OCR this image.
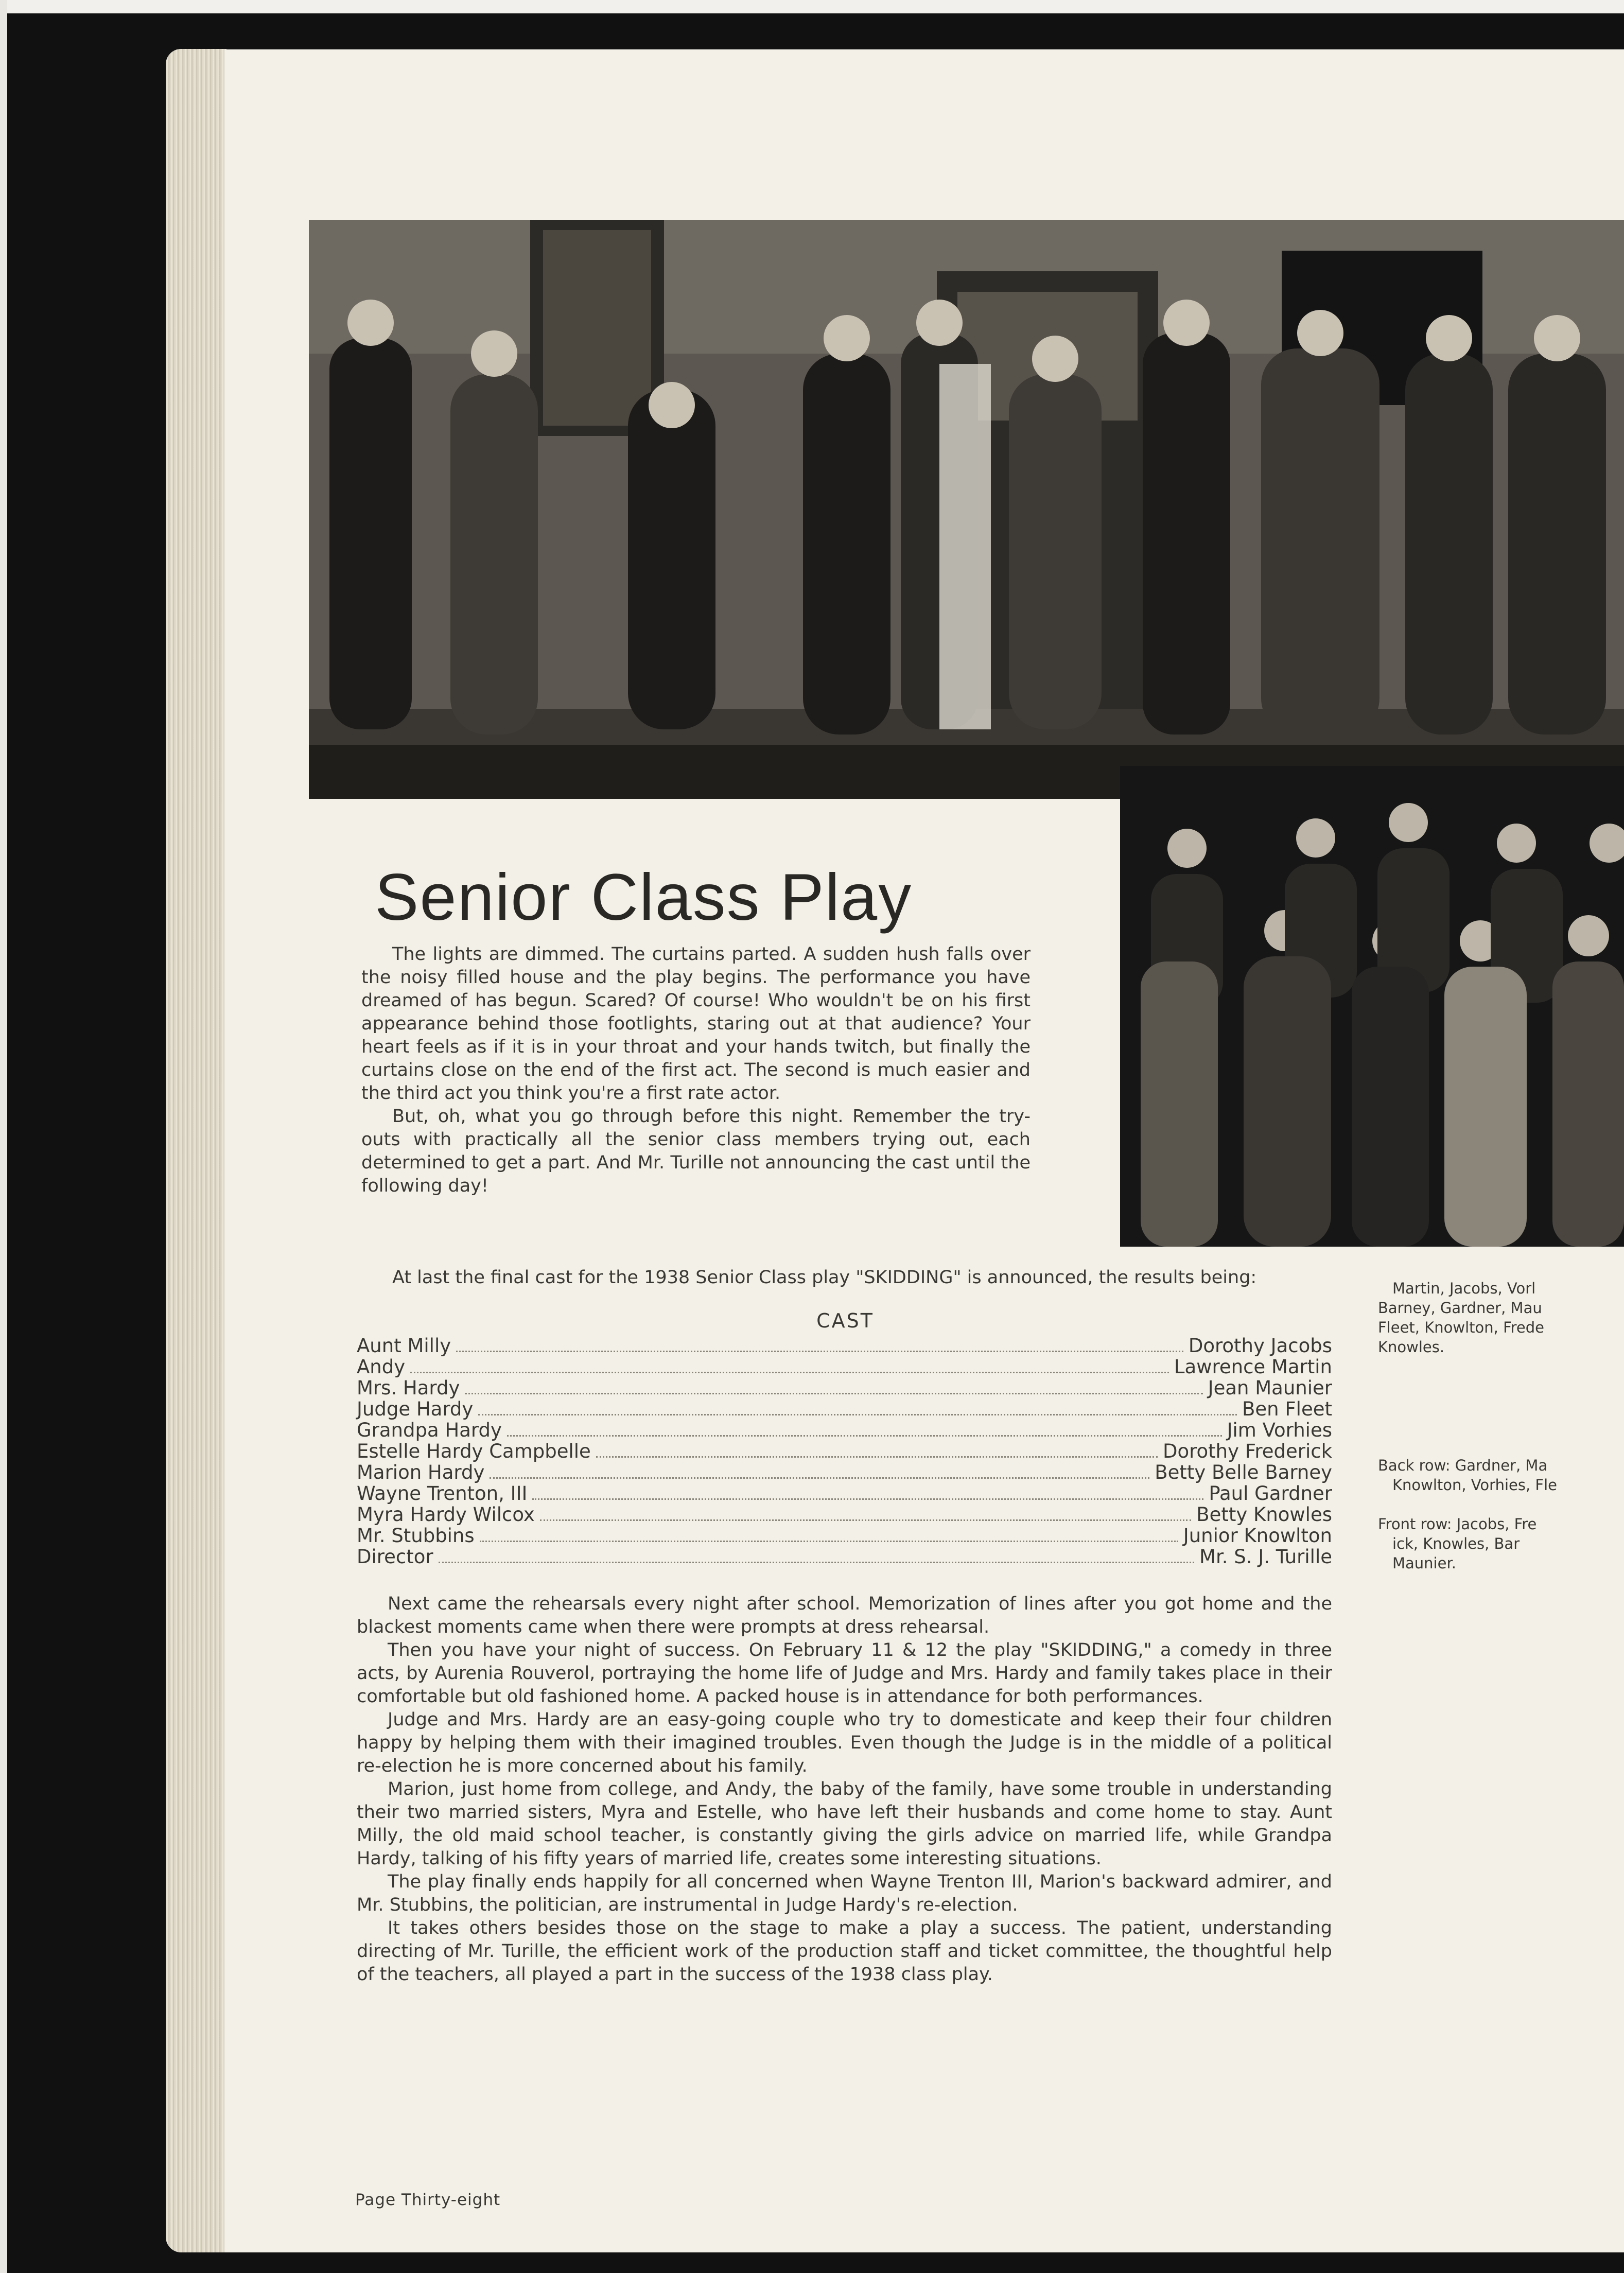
Senior Class Play

The lights are dimmed. The curtains parted. A sudden hush falls over the noisy filled house and the play begins. The performance you have dreamed of has begun. Scared? Of course! Who wouldn't be on his first appearance behind those footlights, staring out at that audience? Your heart feels as if it is in your throat and your hands twitch, but finally the curtains close on the end of the first act. The second is much easier and the third act you think you're a first rate actor.

But, oh, what you go through before this night. Remember the try-outs with practically all the senior class members trying out, each determined to get a part. And Mr. Turille not announcing the cast until the following day!

At last the final cast for the 1938 Senior Class play "SKIDDING" is announced, the results being:

CAST
Aunt Milly	Dorothy Jacobs
Andy	Lawrence Martin
Mrs. Hardy	Jean Maunier
Judge Hardy	Ben Fleet
Grandpa Hardy	Jim Vorhies
Estelle Hardy Campbelle	Dorothy Frederick
Marion Hardy	Betty Belle Barney
Wayne Trenton, III	Paul Gardner
Myra Hardy Wilcox	Betty Knowles
Mr. Stubbins	Junior Knowlton
Director	Mr. S. J. Turille

Next came the rehearsals every night after school. Memorization of lines after you got home and the blackest moments came when there were prompts at dress rehearsal.

Then you have your night of success. On February 11 & 12 the play "SKIDDING," a comedy in three acts, by Aurenia Rouverol, portraying the home life of Judge and Mrs. Hardy and family takes place in their comfortable but old fashioned home. A packed house is in attendance for both performances.

Judge and Mrs. Hardy are an easy-going couple who try to domesticate and keep their four children happy by helping them with their imagined troubles. Even though the Judge is in the middle of a political re-election he is more concerned about his family.

Marion, just home from college, and Andy, the baby of the family, have some trouble in understanding their two married sisters, Myra and Estelle, who have left their husbands and come home to stay. Aunt Milly, the old maid school teacher, is constantly giving the girls advice on married life, while Grandpa Hardy, talking of his fifty years of married life, creates some interesting situations.

The play finally ends happily for all concerned when Wayne Trenton III, Marion's backward admirer, and Mr. Stubbins, the politician, are instrumental in Judge Hardy's re-election.

It takes others besides those on the stage to make a play a success. The patient, understanding directing of Mr. Turille, the efficient work of the production staff and ticket committee, the thoughtful help of the teachers, all played a part in the success of the 1938 class play.

Page Thirty-eight
Martin, Jacobs, Vorl
Barney, Gardner, Mau
Fleet, Knowlton, Frede
Knowles.
Back row: Gardner, Ma
Knowlton, Vorhies, Fle
Front row: Jacobs, Fre
ick, Knowles, Bar
Maunier.
